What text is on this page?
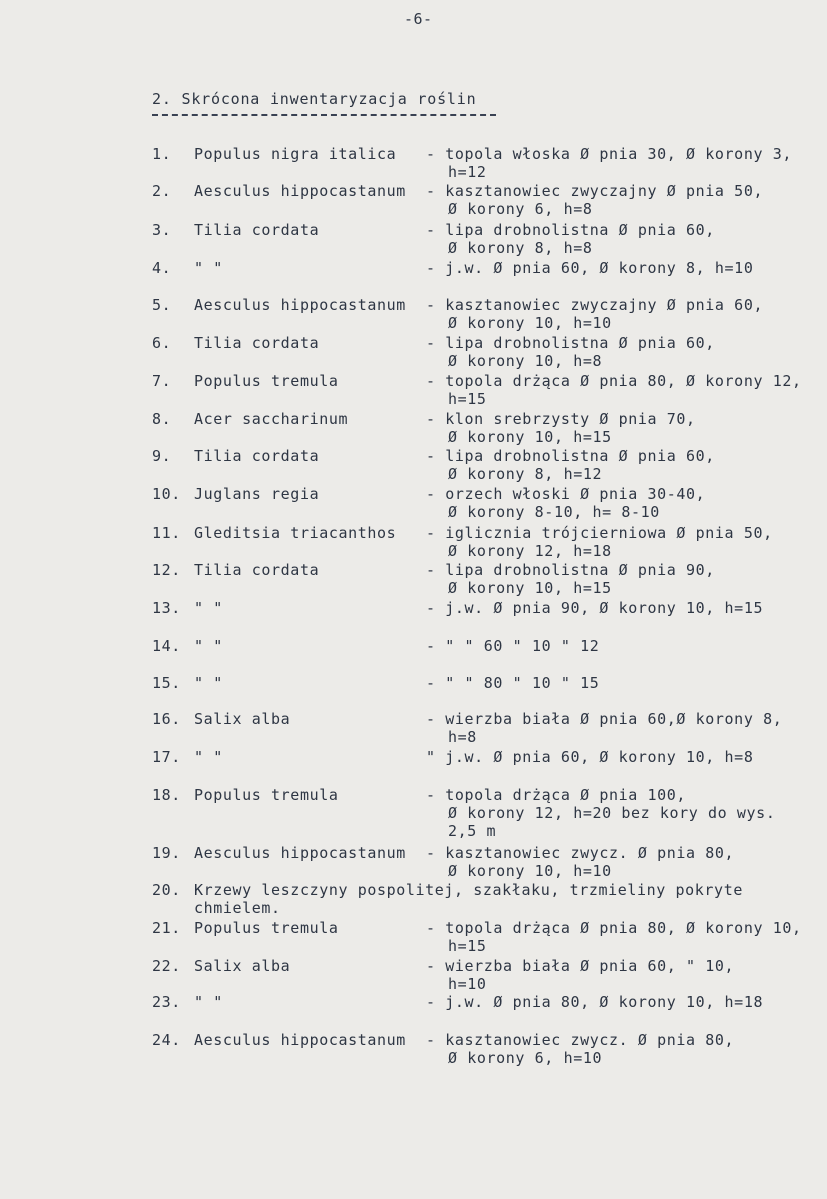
-6-
2. Skrócona inwentaryzacja roślin
1. Populus nigra italica - topola włoska Ø pnia 30, Ø korony 3,
h=12
2. Aesculus hippocastanum - kasztanowiec zwyczajny Ø pnia 50,
Ø korony 6, h=8
3. Tilia cordata	- lipa drobnolistna Ø pnia 60,
Ø korony 8, h=8
4. " "	- j.w. Ø pnia 60, Ø korony 8, h=10
5. Aesculus hippocastanum - kasztanowiec zwyczajny Ø pnia 60,
Ø korony 10, h=10
6. Tilia cordata	- lipa drobnolistna Ø pnia 60,
Ø korony 10, h=8
7. Populus tremula	- topola drżąca Ø pnia 80, Ø korony 12,
h=15
8. Acer saccharinum	- klon srebrzysty Ø pnia 70,
Ø korony 10, h=15
9. Tilia cordata	- lipa drobnolistna Ø pnia 60,
Ø korony 8, h=12
10. Juglans regia	- orzech włoski Ø pnia 30-40,
Ø korony 8-10, h= 8-10
11. Gleditsia triacanthos - iglicznia trójcierniowa Ø pnia 50,
Ø korony 12, h=18
12. Tilia cordata	- lipa drobnolistna Ø pnia 90,
Ø korony 10, h=15
13. " "	- j.w. Ø pnia 90, Ø korony 10, h=15
14. " "	- " " 60 " 10 " 12
15. " "	- " " 80 " 10 " 15
16. Salix alba	- wierzba biała Ø pnia 60,Ø korony 8,
h=8
17. " "	" j.w. Ø pnia 60, Ø korony 10, h=8
18. Populus tremula	- topola drżąca Ø pnia 100,
Ø korony 12, h=20 bez kory do wys.
2,5 m
19. Aesculus hippocastanum - kasztanowiec zwycz. Ø pnia 80,
Ø korony 10, h=10
20. Krzewy leszczyny pospolitej, szakłaku, trzmieliny pokryte
chmielem.
21. Populus tremula	- topola drżąca Ø pnia 80, Ø korony 10,
h=15
22. Salix alba	- wierzba biała Ø pnia 60, " 10,
h=10
23. " "	- j.w. Ø pnia 80, Ø korony 10, h=18
24. Aesculus hippocastanum - kasztanowiec zwycz. Ø pnia 80,
Ø korony 6, h=10
